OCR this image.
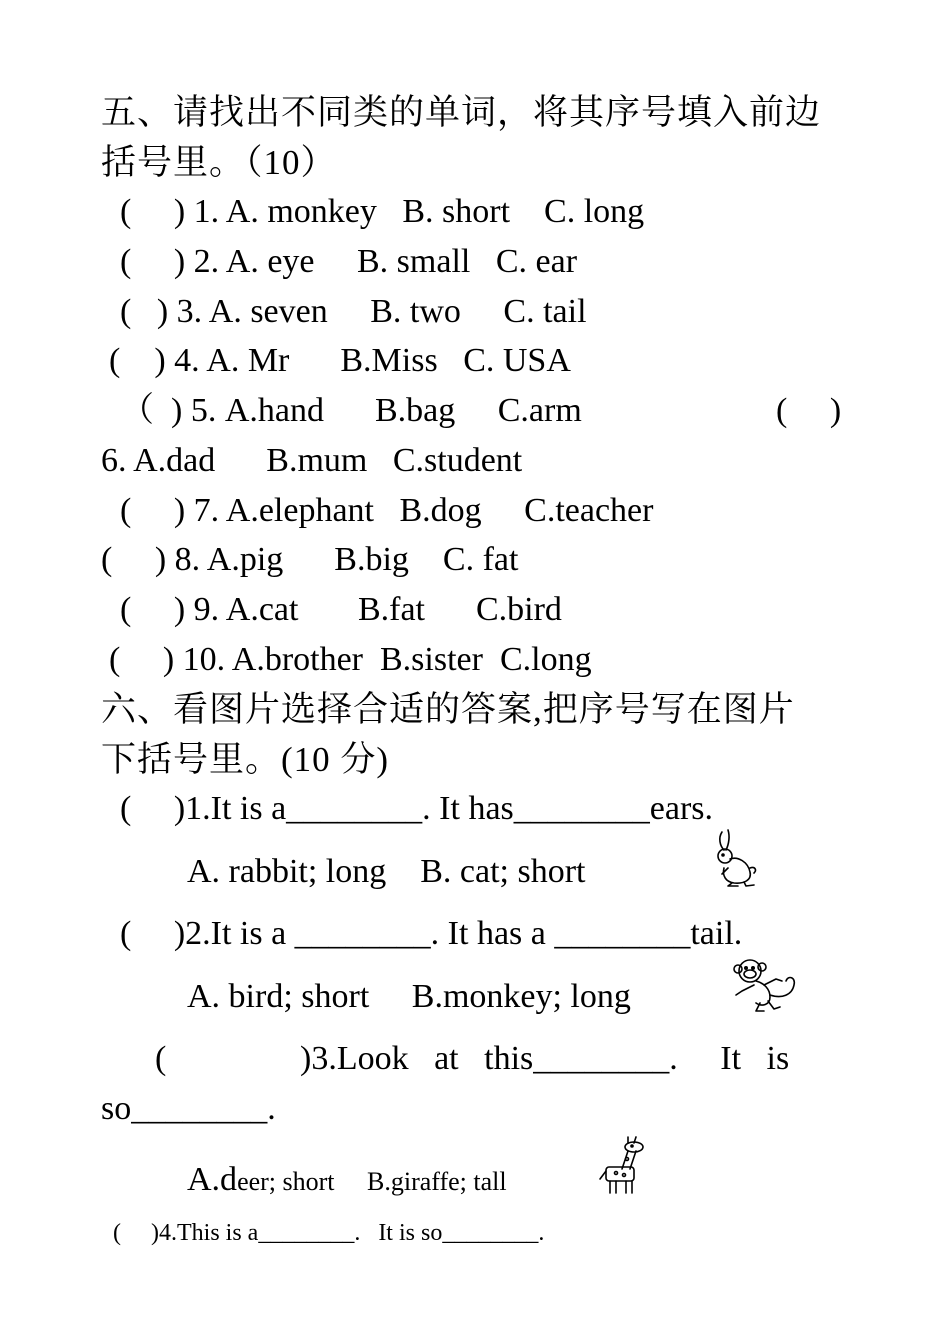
五、请找出不同类的单词，将其序号填入前边
括号里。（10）
(     ) 1. A. monkey   B. short    C. long
(     ) 2. A. eye     B. small   C. ear
(   ) 3. A. seven     B. two     C. tail
(    ) 4. A. Mr      B.Miss   C. USA
（  ) 5. A.hand      B.bag     C.arm	(     )
6. A.dad      B.mum   C.student
(     ) 7. A.elephant   B.dog     C.teacher
(     ) 8. A.pig      B.big    C. fat
(     ) 9. A.cat       B.fat      C.bird
(     ) 10. A.brother  B.sister  C.long
六、看图片选择合适的答案,把序号写在图片
下括号里。(10 分)
(     )1.It is a________. It has________ears.
A. rabbit; long    B. cat; short
(     )2.It is a ________. It has a ________tail.
A. bird; short     B.monkey; long
(	)3.Look   at   this________.     It   is
so________.
A.deer; short     B.giraffe; tall
(     )4.This is a________.   It is so________.
